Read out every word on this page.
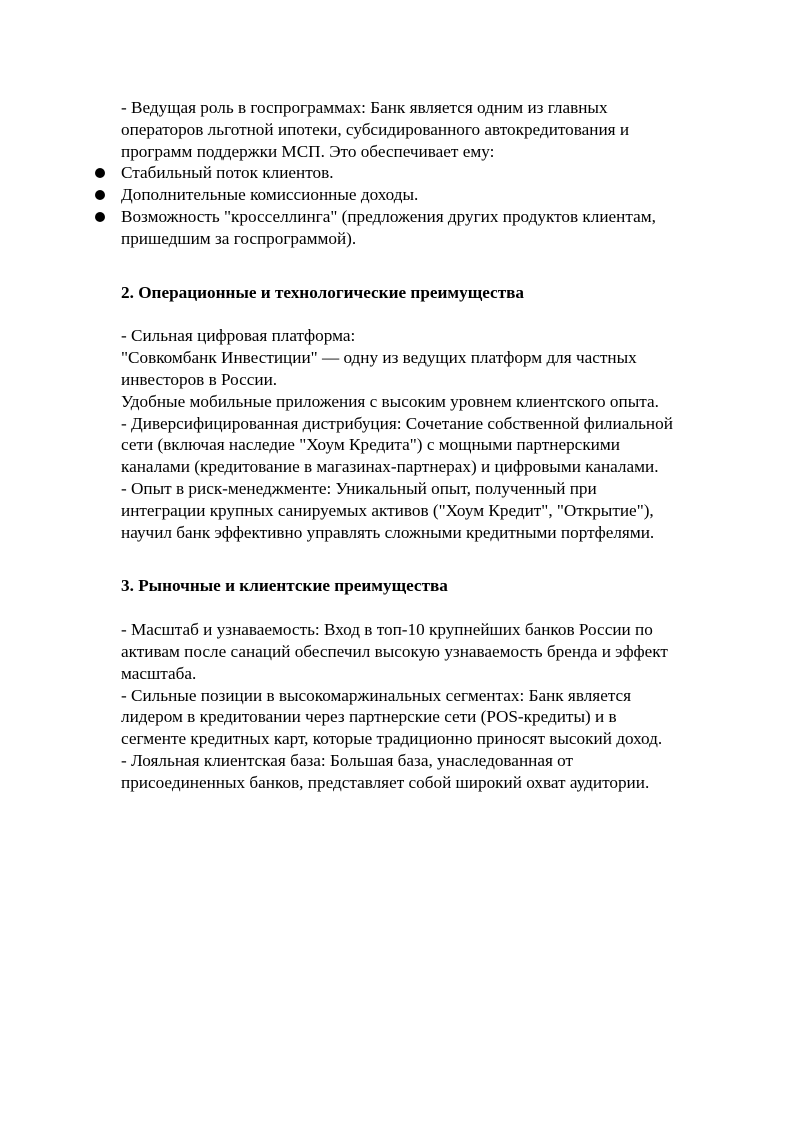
- Ведущая роль в госпрограммах: Банк является одним из главных операторов льготной ипотеки, субсидированного автокредитования и программ поддержки МСП. Это обеспечивает ему:

Стабильный поток клиентов.
Дополнительные комиссионные доходы.
Возможность "кросселлинга" (предложения других продуктов клиентам, пришедшим за госпрограммой).
2. Операционные и технологические преимущества

- Сильная цифровая платформа:

"Совкомбанк Инвестиции" — одну из ведущих платформ для частных инвесторов в России.

Удобные мобильные приложения с высоким уровнем клиентского опыта.

- Диверсифицированная дистрибуция: Сочетание собственной филиальной сети (включая наследие "Хоум Кредита") с мощными партнерскими каналами (кредитование в магазинах-партнерах) и цифровыми каналами.

- Опыт в риск-менеджменте: Уникальный опыт, полученный при интеграции крупных санируемых активов ("Хоум Кредит", "Открытие"), научил банк эффективно управлять сложными кредитными портфелями.

3. Рыночные и клиентские преимущества

- Масштаб и узнаваемость: Вход в топ-10 крупнейших банков России по активам после санаций обеспечил высокую узнаваемость бренда и эффект масштаба.

- Сильные позиции в высокомаржинальных сегментах: Банк является лидером в кредитовании через партнерские сети (POS-кредиты) и в сегменте кредитных карт, которые традиционно приносят высокий доход.

- Лояльная клиентская база: Большая база, унаследованная от присоединенных банков, представляет собой широкий охват аудитории.
